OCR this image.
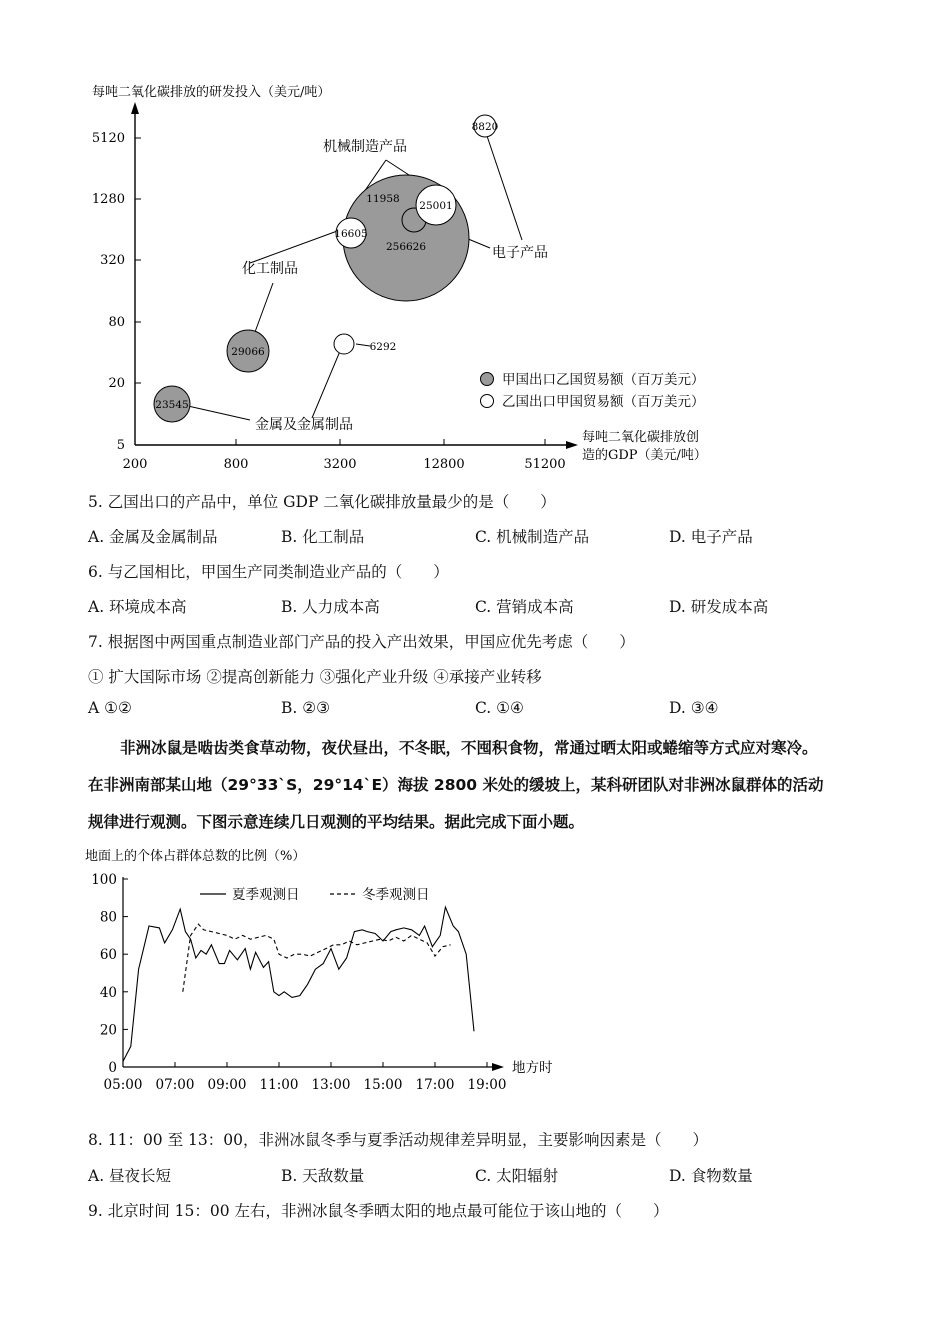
每吨二氧化碳排放的研发投入（美元/吨）
每吨二氧化碳排放创
造的GDP（美元/吨）
5120
1280
320
80
20
5
200	800	3200	12800	51200
256626
11958
25001
16605
8820
29066
23545
6292
机械制造产品
化工制品
电子产品
金属及金属制品
甲国出口乙国贸易额（百万美元）
乙国出口甲国贸易额（百万美元）
5. 乙国出口的产品中，单位 GDP 二氧化碳排放量最少的是（　　）
A. 金属及金属制品	B. 化工制品	C. 机械制造产品	D. 电子产品
6. 与乙国相比，甲国生产同类制造业产品的（　　）
A. 环境成本高	B. 人力成本高	C. 营销成本高	D. 研发成本高
7. 根据图中两国重点制造业部门产品的投入产出效果，甲国应优先考虑（　　）
① 扩大国际市场 ②提高创新能力 ③强化产业升级 ④承接产业转移
A ①②	B. ②③	C. ①④	D. ③④
非洲冰鼠是啮齿类食草动物，夜伏昼出，不冬眠，不囤积食物，常通过晒太阳或蜷缩等方式应对寒冷。
在非洲南部某山地（29°33`S，29°14`E）海拔 2800 米处的缓坡上，某科研团队对非洲冰鼠群体的活动
规律进行观测。下图示意连续几日观测的平均结果。据此完成下面小题。
地面上的个体占群体总数的比例（%）
地方时
100
80
60
40
20
0
05:00 07:00 09:00 11:00 13:00 15:00 17:00 19:00
夏季观测日	冬季观测日
8. 11：00 至 13：00，非洲冰鼠冬季与夏季活动规律差异明显，主要影响因素是（　　）
A. 昼夜长短	B. 天敌数量	C. 太阳辐射	D. 食物数量
9. 北京时间 15：00 左右，非洲冰鼠冬季晒太阳的地点最可能位于该山地的（　　）
